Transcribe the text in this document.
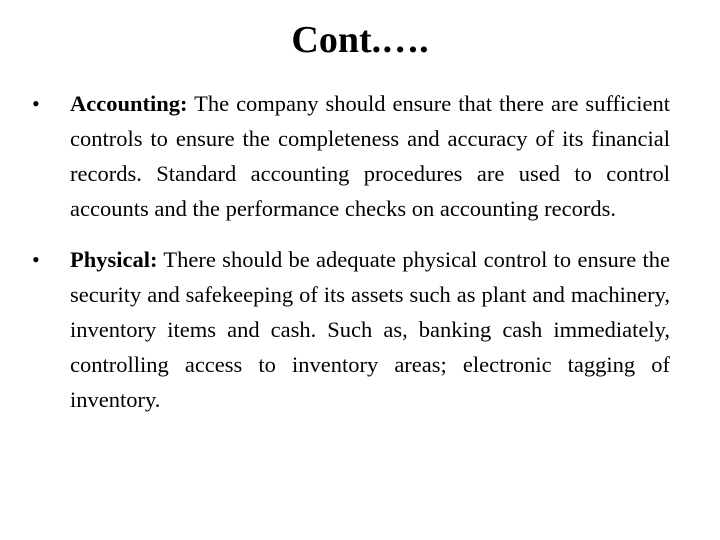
Cont.….
• Accounting: The company should ensure that there are sufficient controls to ensure the completeness and accuracy of its financial records. Standard accounting procedures are used to control accounts and the performance checks on accounting records.
• Physical: There should be adequate physical control to ensure the security and safekeeping of its assets such as plant and machinery, inventory items and cash. Such as, banking cash immediately, controlling access to inventory areas; electronic tagging of inventory.
